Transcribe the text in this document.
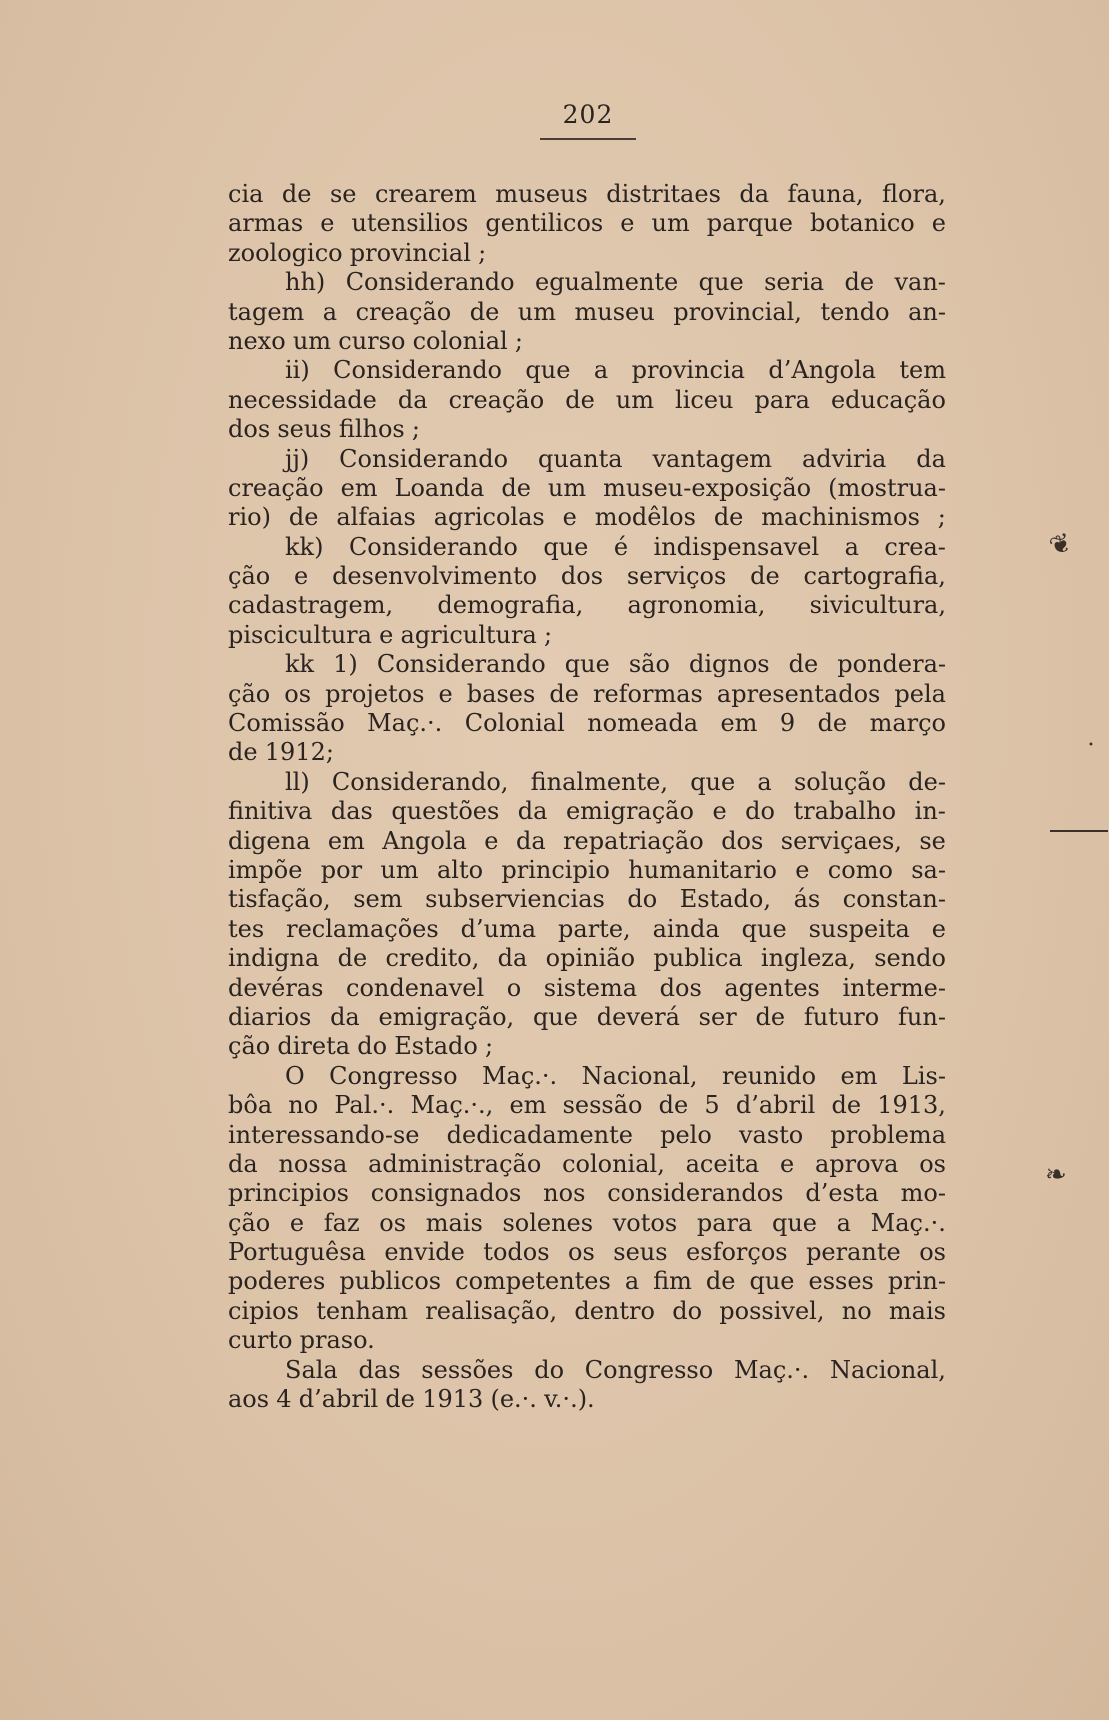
202
cia de se crearem museus distritaes da fauna, flora,
armas e utensilios gentilicos e um parque botanico e
zoologico provincial ;
hh) Considerando egualmente que seria de van-
tagem a creação de um museu provincial, tendo an-
nexo um curso colonial ;
ii) Considerando que a provincia d’Angola tem
necessidade da creação de um liceu para educação
dos seus filhos ;
jj) Considerando quanta vantagem adviria da
creação em Loanda de um museu-exposição (mostrua-
rio) de alfaias agricolas e modêlos de machinismos ;
kk) Considerando que é indispensavel a crea-
ção e desenvolvimento dos serviços de cartografia,
cadastragem, demografia, agronomia, sivicultura,
piscicultura e agricultura ;
kk 1) Considerando que são dignos de pondera-
ção os projetos e bases de reformas apresentados pela
Comissão Maç.·. Colonial nomeada em 9 de março
de 1912;
ll) Considerando, finalmente, que a solução de-
finitiva das questões da emigração e do trabalho in-
digena em Angola e da repatriação dos serviçaes, se
impõe por um alto principio humanitario e como sa-
tisfação, sem subserviencias do Estado, ás constan-
tes reclamações d’uma parte, ainda que suspeita e
indigna de credito, da opinião publica ingleza, sendo
devéras condenavel o sistema dos agentes interme-
diarios da emigração, que deverá ser de futuro fun-
ção direta do Estado ;
O Congresso Maç.·. Nacional, reunido em Lis-
bôa no Pal.·. Maç.·., em sessão de 5 d’abril de 1913,
interessando-se dedicadamente pelo vasto problema
da nossa administração colonial, aceita e aprova os
principios consignados nos considerandos d’esta mo-
ção e faz os mais solenes votos para que a Maç.·.
Portuguêsa envide todos os seus esforços perante os
poderes publicos competentes a fim de que esses prin-
cipios tenham realisação, dentro do possivel, no mais
curto praso.
Sala das sessões do Congresso Maç.·. Nacional,
aos 4 d’abril de 1913 (e.·. v.·.).
❦
❧
•
